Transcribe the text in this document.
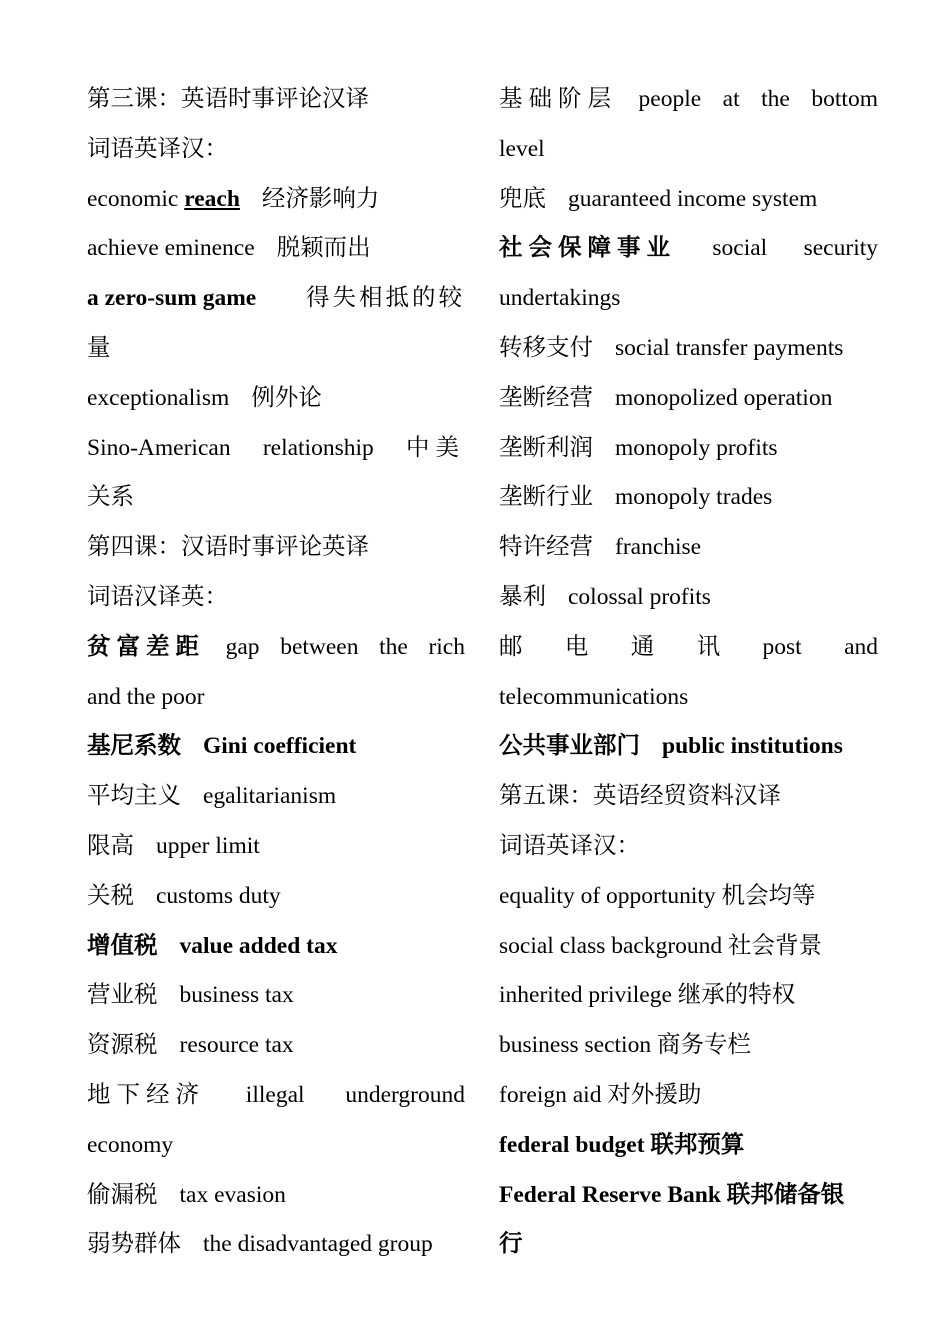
第三课：英语时事评论汉译
词语英译汉：
economic reach 经济影响力
achieve eminence 脱颖而出
a zero-sum game 得失相抵的较
量
exceptionalism 例外论
Sino-American relationship 中美
关系
第四课：汉语时事评论英译
词语汉译英：
贫富差距 gap between the rich
and the poor
基尼系数 Gini coefficient
平均主义 egalitarianism
限高 upper limit
关税 customs duty
增值税 value added tax
营业税 business tax
资源税 resource tax
地下经济 illegal underground
economy
偷漏税 tax evasion
弱势群体 the disadvantaged group
基础阶层 people at the bottom
level
兜底 guaranteed income system
社会保障事业 social security
undertakings
转移支付 social transfer payments
垄断经营 monopolized operation
垄断利润 monopoly profits
垄断行业 monopoly trades
特许经营 franchise
暴利 colossal profits
邮 电 通 讯 post and
telecommunications
公共事业部门 public institutions
第五课：英语经贸资料汉译
词语英译汉：
equality of opportunity 机会均等
social class background 社会背景
inherited privilege 继承的特权
business section 商务专栏
foreign aid 对外援助
federal budget 联邦预算
Federal Reserve Bank 联邦储备银
行
